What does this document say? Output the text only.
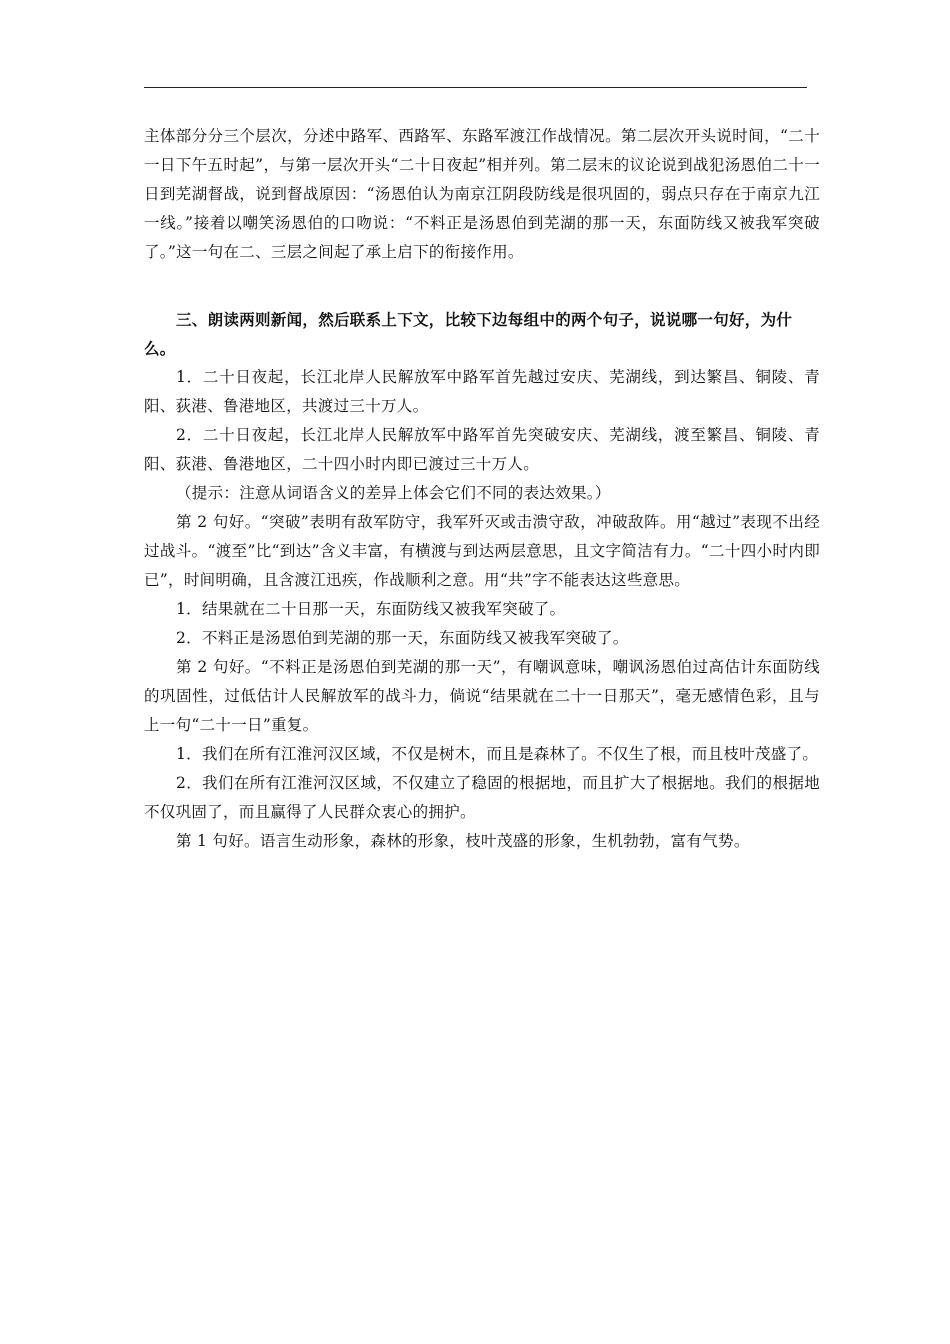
主体部分分三个层次，分述中路军、西路军、东路军渡江作战情况。第二层次开头说时间，“二十一日下午五时起”，与第一层次开头“二十日夜起”相并列。第二层末的议论说到战犯汤恩伯二十一日到芜湖督战，说到督战原因：“汤恩伯认为南京江阴段防线是很巩固的，弱点只存在于南京九江一线。”接着以嘲笑汤恩伯的口吻说：“不料正是汤恩伯到芜湖的那一天，东面防线又被我军突破了。”这一句在二、三层之间起了承上启下的衔接作用。

三、朗读两则新闻，然后联系上下文，比较下边每组中的两个句子，说说哪一句好，为什么。

1．二十日夜起，长江北岸人民解放军中路军首先越过安庆、芜湖线，到达繁昌、铜陵、青阳、荻港、鲁港地区，共渡过三十万人。

2．二十日夜起，长江北岸人民解放军中路军首先突破安庆、芜湖线，渡至繁昌、铜陵、青阳、荻港、鲁港地区，二十四小时内即已渡过三十万人。

（提示：注意从词语含义的差异上体会它们不同的表达效果。）

第 2 句好。“突破”表明有敌军防守，我军歼灭或击溃守敌，冲破敌阵。用“越过”表现不出经过战斗。“渡至”比“到达”含义丰富，有横渡与到达两层意思，且文字简洁有力。“二十四小时内即已”，时间明确，且含渡江迅疾，作战顺利之意。用“共”字不能表达这些意思。

1．结果就在二十日那一天，东面防线又被我军突破了。

2．不料正是汤恩伯到芜湖的那一天，东面防线又被我军突破了。

第 2 句好。“不料正是汤恩伯到芜湖的那一天”，有嘲讽意味，嘲讽汤恩伯过高估计东面防线的巩固性，过低估计人民解放军的战斗力，倘说“结果就在二十一日那天”，毫无感情色彩，且与上一句“二十一日”重复。

1．我们在所有江淮河汉区域，不仅是树木，而且是森林了。不仅生了根，而且枝叶茂盛了。

2．我们在所有江淮河汉区域，不仅建立了稳固的根据地，而且扩大了根据地。我们的根据地不仅巩固了，而且赢得了人民群众衷心的拥护。

第 1 句好。语言生动形象，森林的形象，枝叶茂盛的形象，生机勃勃，富有气势。
